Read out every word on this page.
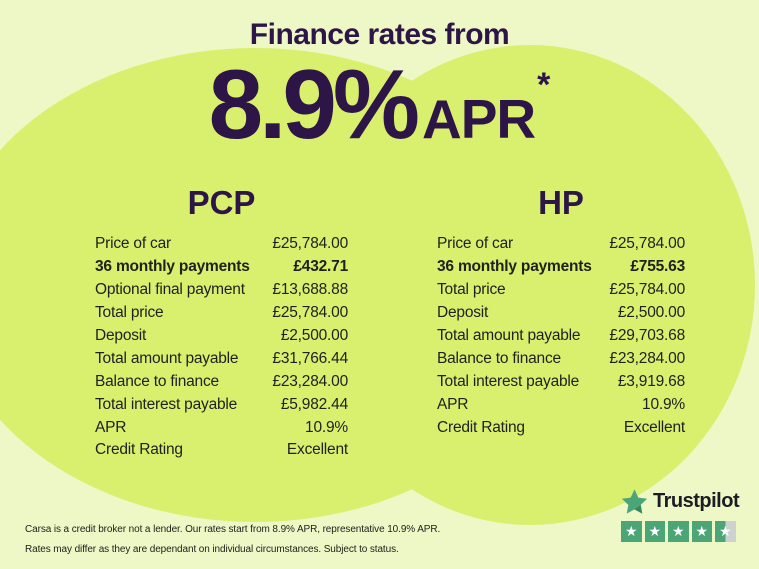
Finance rates from
8.9% APR
*
PCP
Price of car	£25,784.00
36 monthly payments	£432.71
Optional final payment £13,688.88
Total price	£25,784.00
Deposit	£2,500.00
Total amount payable £31,766.44
Balance to finance	£23,284.00
Total interest payable	£5,982.44
APR	10.9%
Credit Rating	Excellent
HP
Price of car	£25,784.00
36 monthly payments £755.63
Total price	£25,784.00
Deposit	£2,500.00
Total amount payable £29,703.68
Balance to finance	£23,284.00
Total interest payable	£3,919.68
APR	10.9%
Credit Rating	Excellent
Carsa is a credit broker not a lender. Our rates start from 8.9% APR, representative 10.9% APR.
Rates may differ as they are dependant on individual circumstances. Subject to status.
Trustpilot
★ ★ ★ ★ ★
